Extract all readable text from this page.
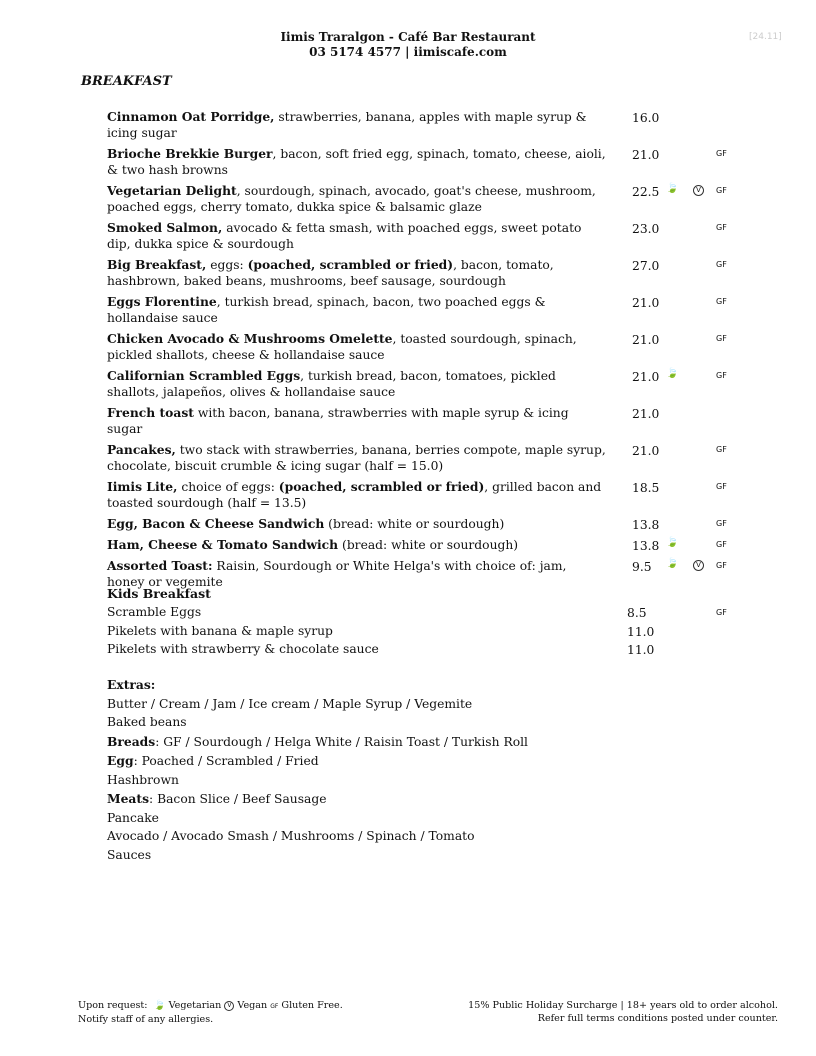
Iimis Traralgon - Café Bar Restaurant
03 5174 4577 | iimiscafe.com
[24.11]
BREAKFAST
Cinnamon Oat Porridge, strawberries, banana, apples with maple syrup & icing sugar
16.0
Brioche Brekkie Burger, bacon, soft fried egg, spinach, tomato, cheese, aioli, & two hash browns
21.0	GF
Vegetarian Delight, sourdough, spinach, avocado, goat's cheese, mushroom, poached eggs, cherry tomato, dukka spice & balsamic glaze
22.5 🍃	V	GF
Smoked Salmon, avocado & fetta smash, with poached eggs, sweet potato dip, dukka spice & sourdough
23.0	GF
Big Breakfast, eggs: (poached, scrambled or fried), bacon, tomato, hashbrown, baked beans, mushrooms, beef sausage, sourdough
27.0	GF
Eggs Florentine, turkish bread, spinach, bacon, two poached eggs & hollandaise sauce
21.0	GF
Chicken Avocado & Mushrooms Omelette, toasted sourdough, spinach, pickled shallots, cheese & hollandaise sauce
21.0	GF
Californian Scrambled Eggs, turkish bread, bacon, tomatoes, pickled shallots, jalapeños, olives & hollandaise sauce
21.0 🍃	GF
French toast with bacon, banana, strawberries with maple syrup & icing sugar
21.0
Pancakes, two stack with strawberries, banana, berries compote, maple syrup, chocolate, biscuit crumble & icing sugar (half = 15.0)
21.0	GF
Iimis Lite, choice of eggs: (poached, scrambled or fried), grilled bacon and toasted sourdough (half = 13.5)
18.5	GF
Egg, Bacon & Cheese Sandwich (bread: white or sourdough)	13.8	GF
Ham, Cheese & Tomato Sandwich (bread: white or sourdough)	13.8 🍃	GF
Assorted Toast: Raisin, Sourdough or White Helga's with choice of: jam, honey or vegemite
9.5 🍃	V	GF
Kids Breakfast
Scramble Eggs	8.5	GF
Pikelets with banana & maple syrup	11.0
Pikelets with strawberry & chocolate sauce	11.0
Extras:
Butter / Cream / Jam / Ice cream / Maple Syrup / Vegemite
Baked beans
Breads: GF / Sourdough / Helga White / Raisin Toast / Turkish Roll
Egg: Poached / Scrambled / Fried
Hashbrown
Meats: Bacon Slice / Beef Sausage
Pancake
Avocado / Avocado Smash / Mushrooms / Spinach / Tomato
Sauces
Upon request:  🍃 Vegetarian V Vegan GF Gluten Free.
Notify staff of any allergies.
15% Public Holiday Surcharge | 18+ years old to order alcohol.
Refer full terms conditions posted under counter.
